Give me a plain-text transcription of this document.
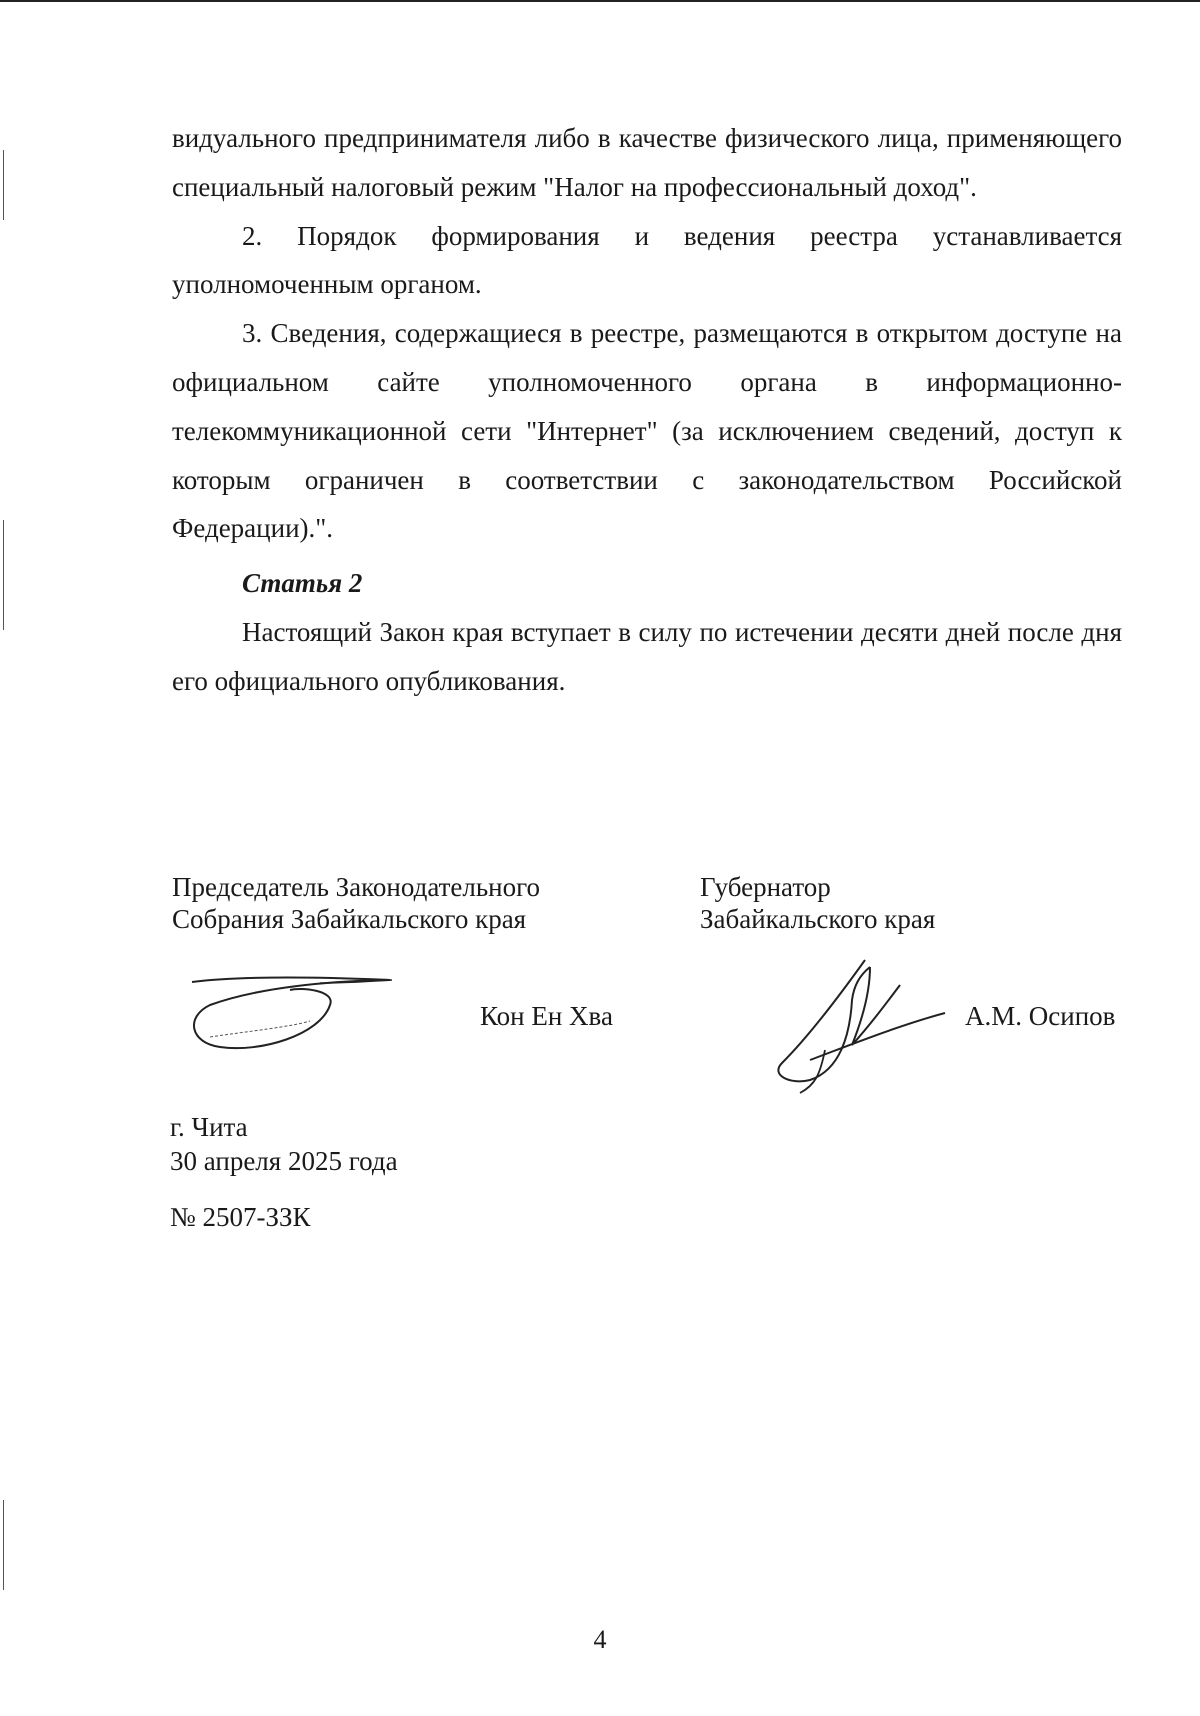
видуального предпринимателя либо в качестве физического лица, применяющего специальный налоговый режим "Налог на профессиональный доход".

2. Порядок формирования и ведения реестра устанавливается уполномоченным органом.

3. Сведения, содержащиеся в реестре, размещаются в открытом доступе на официальном сайте уполномоченного органа в информационно-телекоммуникационной сети "Интернет" (за исключением сведений, доступ к которым ограничен в соответствии с законодательством Российской Федерации).".

Статья 2

Настоящий Закон края вступает в силу по истечении десяти дней после дня его официального опубликования.

Председатель Законодательного
Собрания Забайкальского края
Губернатор
Забайкальского края
Кон Ен Хва	А.М. Осипов
г. Чита
30 апреля 2025 года
№ 2507-ЗЗК
4
